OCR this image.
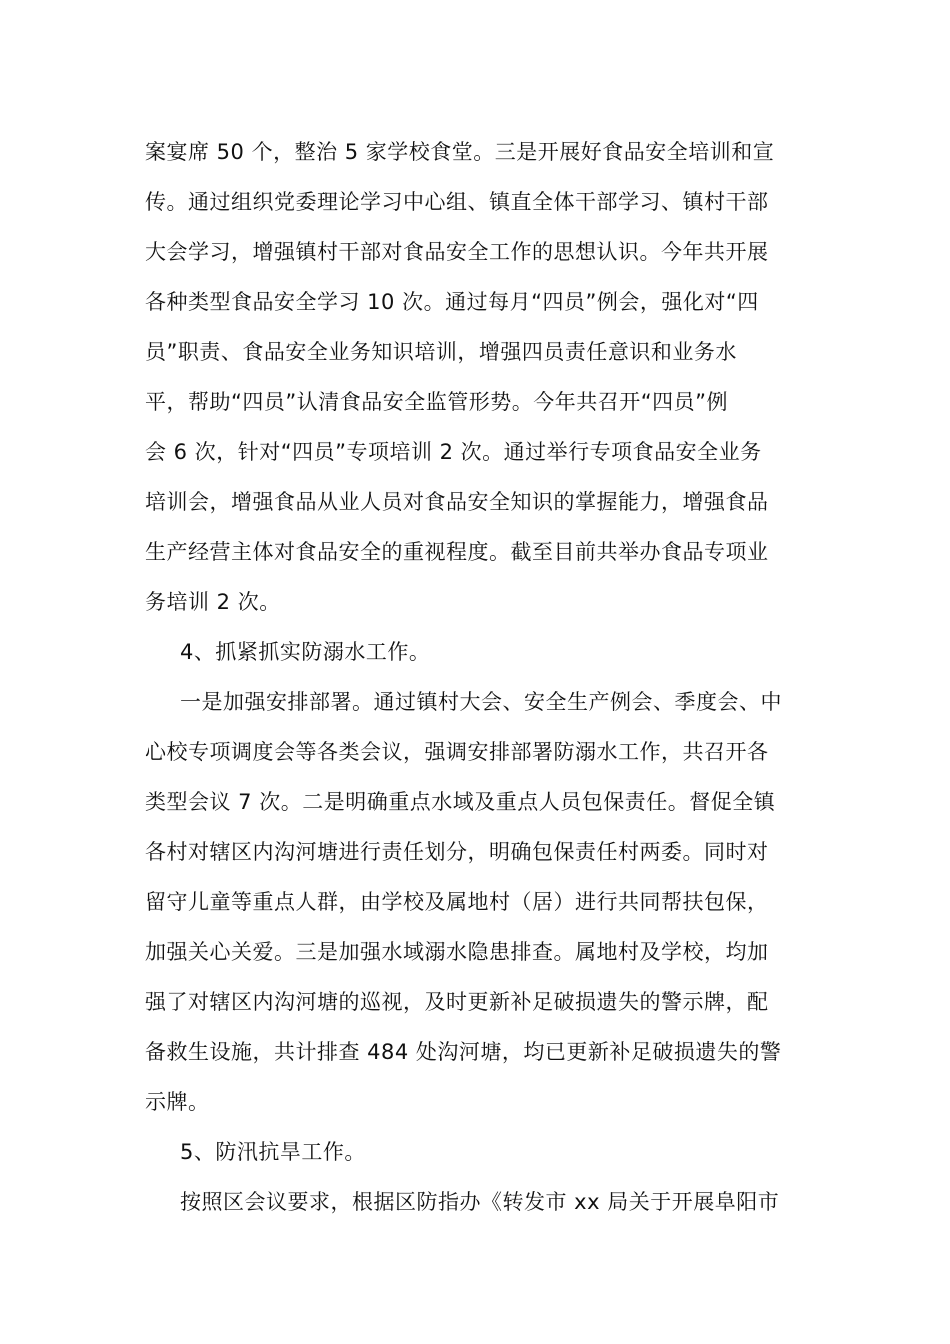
案宴席 50 个，整治 5 家学校食堂。三是开展好食品安全培训和宣
传。通过组织党委理论学习中心组、镇直全体干部学习、镇村干部
大会学习，增强镇村干部对食品安全工作的思想认识。今年共开展
各种类型食品安全学习 10 次。通过每月“四员”例会，强化对“四
员”职责、食品安全业务知识培训，增强四员责任意识和业务水
平，帮助“四员”认清食品安全监管形势。今年共召开“四员”例
会 6 次，针对“四员”专项培训 2 次。通过举行专项食品安全业务
培训会，增强食品从业人员对食品安全知识的掌握能力，增强食品
生产经营主体对食品安全的重视程度。截至目前共举办食品专项业
务培训 2 次。
4、抓紧抓实防溺水工作。
一是加强安排部署。通过镇村大会、安全生产例会、季度会、中
心校专项调度会等各类会议，强调安排部署防溺水工作，共召开各
类型会议 7 次。二是明确重点水域及重点人员包保责任。督促全镇
各村对辖区内沟河塘进行责任划分，明确包保责任村两委。同时对
留守儿童等重点人群，由学校及属地村（居）进行共同帮扶包保，
加强关心关爱。三是加强水域溺水隐患排查。属地村及学校，均加
强了对辖区内沟河塘的巡视，及时更新补足破损遗失的警示牌，配
备救生设施，共计排查 484 处沟河塘，均已更新补足破损遗失的警
示牌。
5、防汛抗旱工作。
按照区会议要求，根据区防指办《转发市 xx 局关于开展阜阳市
